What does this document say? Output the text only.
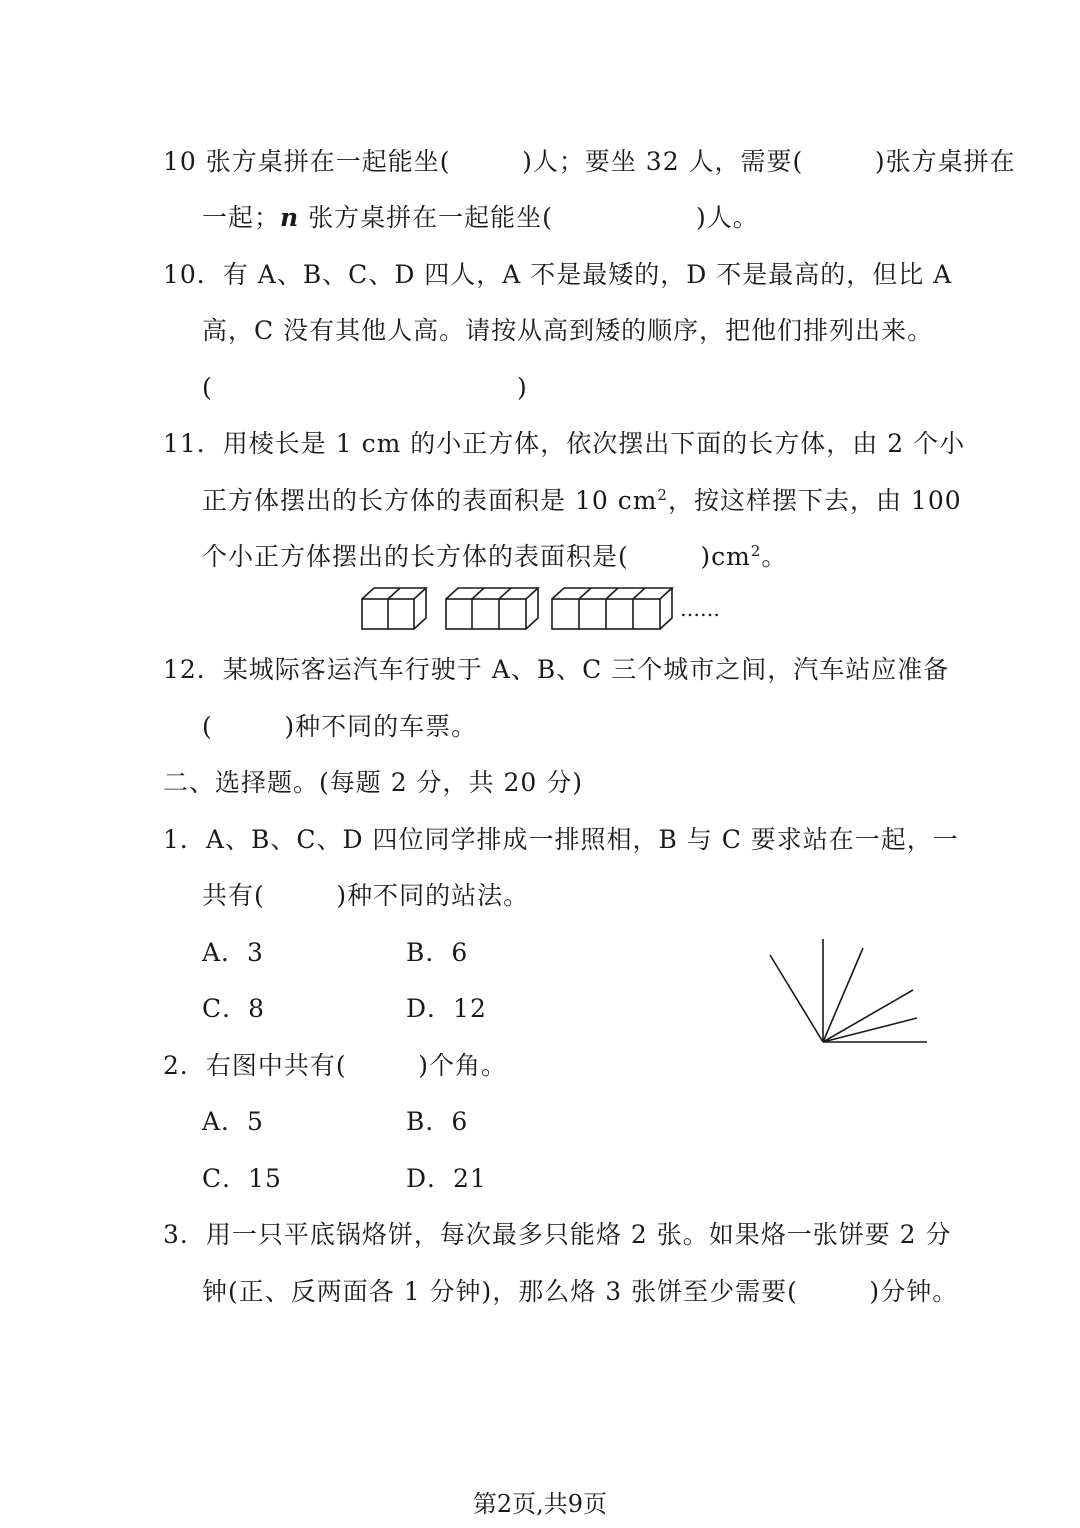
10 张方桌拼在一起能坐(        )人；要坐 32 人，需要(        )张方桌拼在
一起；n 张方桌拼在一起能坐(                )人。
10．有 A、B、C、D 四人，A 不是最矮的，D 不是最高的，但比 A
高，C 没有其他人高。请按从高到矮的顺序，把他们排列出来。
(                                  )
11．用棱长是 1 cm 的小正方体，依次摆出下面的长方体，由 2 个小
正方体摆出的长方体的表面积是 10 $cm^2$，按这样摆下去，由 100
个小正方体摆出的长方体的表面积是(        )$cm^2$。
……
12．某城际客运汽车行驶于 A、B、C 三个城市之间，汽车站应准备
(        )种不同的车票。
二、选择题。(每题 2 分，共 20 分)
1．A、B、C、D 四位同学排成一排照相，B 与 C 要求站在一起，一
共有(        )种不同的站法。
A．3	B．6
C．8	D．12
2．右图中共有(        )个角。
A．5	B．6
C．15	D．21
3．用一只平底锅烙饼，每次最多只能烙 2 张。如果烙一张饼要 2 分
钟(正、反两面各 1 分钟)，那么烙 3 张饼至少需要(        )分钟。
第2页,共9页
